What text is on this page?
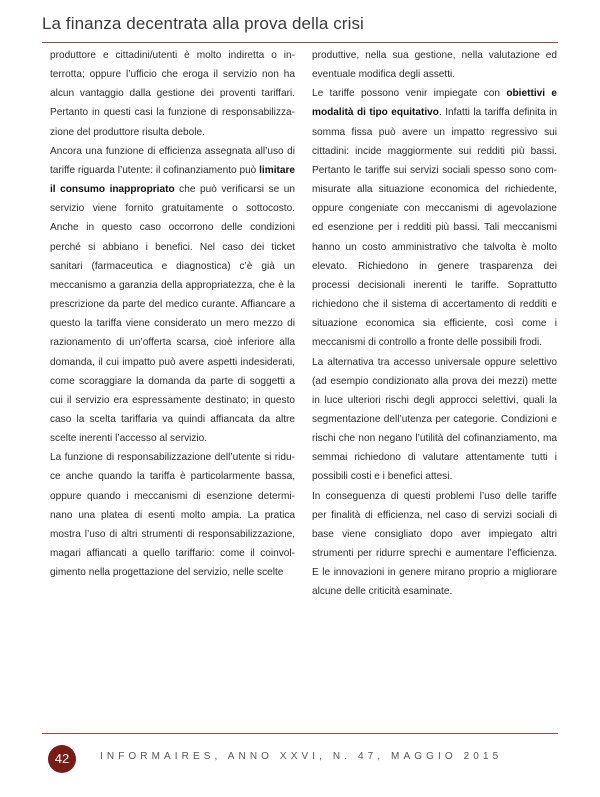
La finanza decentrata alla prova della crisi

produttore e cittadini/utenti è molto indiretta o interrotta; oppure l’ufficio che eroga il servizio non ha alcun vantaggio dalla gestione dei proventi tariffari. Pertanto in questi casi la funzione di responsabilizzazione del produttore risulta debole.

Ancora una funzione di efficienza assegnata all’uso di tariffe riguarda l’utente: il cofinanziamento può limitare il consumo inappropriato che può verificarsi se un servizio viene fornito gratuitamente o sottocosto. Anche in questo caso occorrono delle condizioni perché si abbiano i benefici. Nel caso dei ticket sanitari (farmaceutica e diagnostica) c’è già un meccanismo a garanzia della appropriatezza, che è la prescrizione da parte del medico curante. Affiancare a questo la tariffa viene considerato un mero mezzo di razionamento di un’offerta scarsa, cioè inferiore alla domanda, il cui impatto può avere aspetti indesiderati, come scoraggiare la domanda da parte di soggetti a cui il servizio era espressamente destinato; in questo caso la scelta tariffaria va quindi affiancata da altre scelte inerenti l’accesso al servizio.

La funzione di responsabilizzazione dell’utente si riduce anche quando la tariffa è particolarmente bassa, oppure quando i meccanismi di esenzione determinano una platea di esenti molto ampia. La pratica mostra l’uso di altri strumenti di responsabilizzazione, magari affiancati a quello tariffario: come il coinvolgimento nella progettazione del servizio, nelle scelte

produttive, nella sua gestione, nella valutazione ed eventuale modifica degli assetti.

Le tariffe possono venir impiegate con obiettivi e modalità di tipo equitativo. Infatti la tariffa definita in somma fissa può avere un impatto regressivo sui cittadini: incide maggiormente sui redditi più bassi. Pertanto le tariffe sui servizi sociali spesso sono commisurate alla situazione economica del richiedente, oppure congeniate con meccanismi di agevolazione ed esenzione per i redditi più bassi. Tali meccanismi hanno un costo amministrativo che talvolta è molto elevato. Richiedono in genere trasparenza dei processi decisionali inerenti le tariffe. Soprattutto richiedono che il sistema di accertamento di redditi e situazione economica sia efficiente, così come i meccanismi di controllo a fronte delle possibili frodi.

La alternativa tra accesso universale oppure selettivo (ad esempio condizionato alla prova dei mezzi) mette in luce ulteriori rischi degli approcci selettivi, quali la segmentazione dell’utenza per categorie. Condizioni e rischi che non negano l’utilità del cofinanziamento, ma semmai richiedono di valutare attentamente tutti i possibili costi e i benefici attesi.

In conseguenza di questi problemi l’uso delle tariffe per finalità di efficienza, nel caso di servizi sociali di base viene consigliato dopo aver impiegato altri strumenti per ridurre sprechi e aumentare l’efficienza. E le innovazioni in genere mirano proprio a migliorare alcune delle criticità esaminate.

42	INFORMAIRES, ANNO XXVI, N. 47, MAGGIO 2015
